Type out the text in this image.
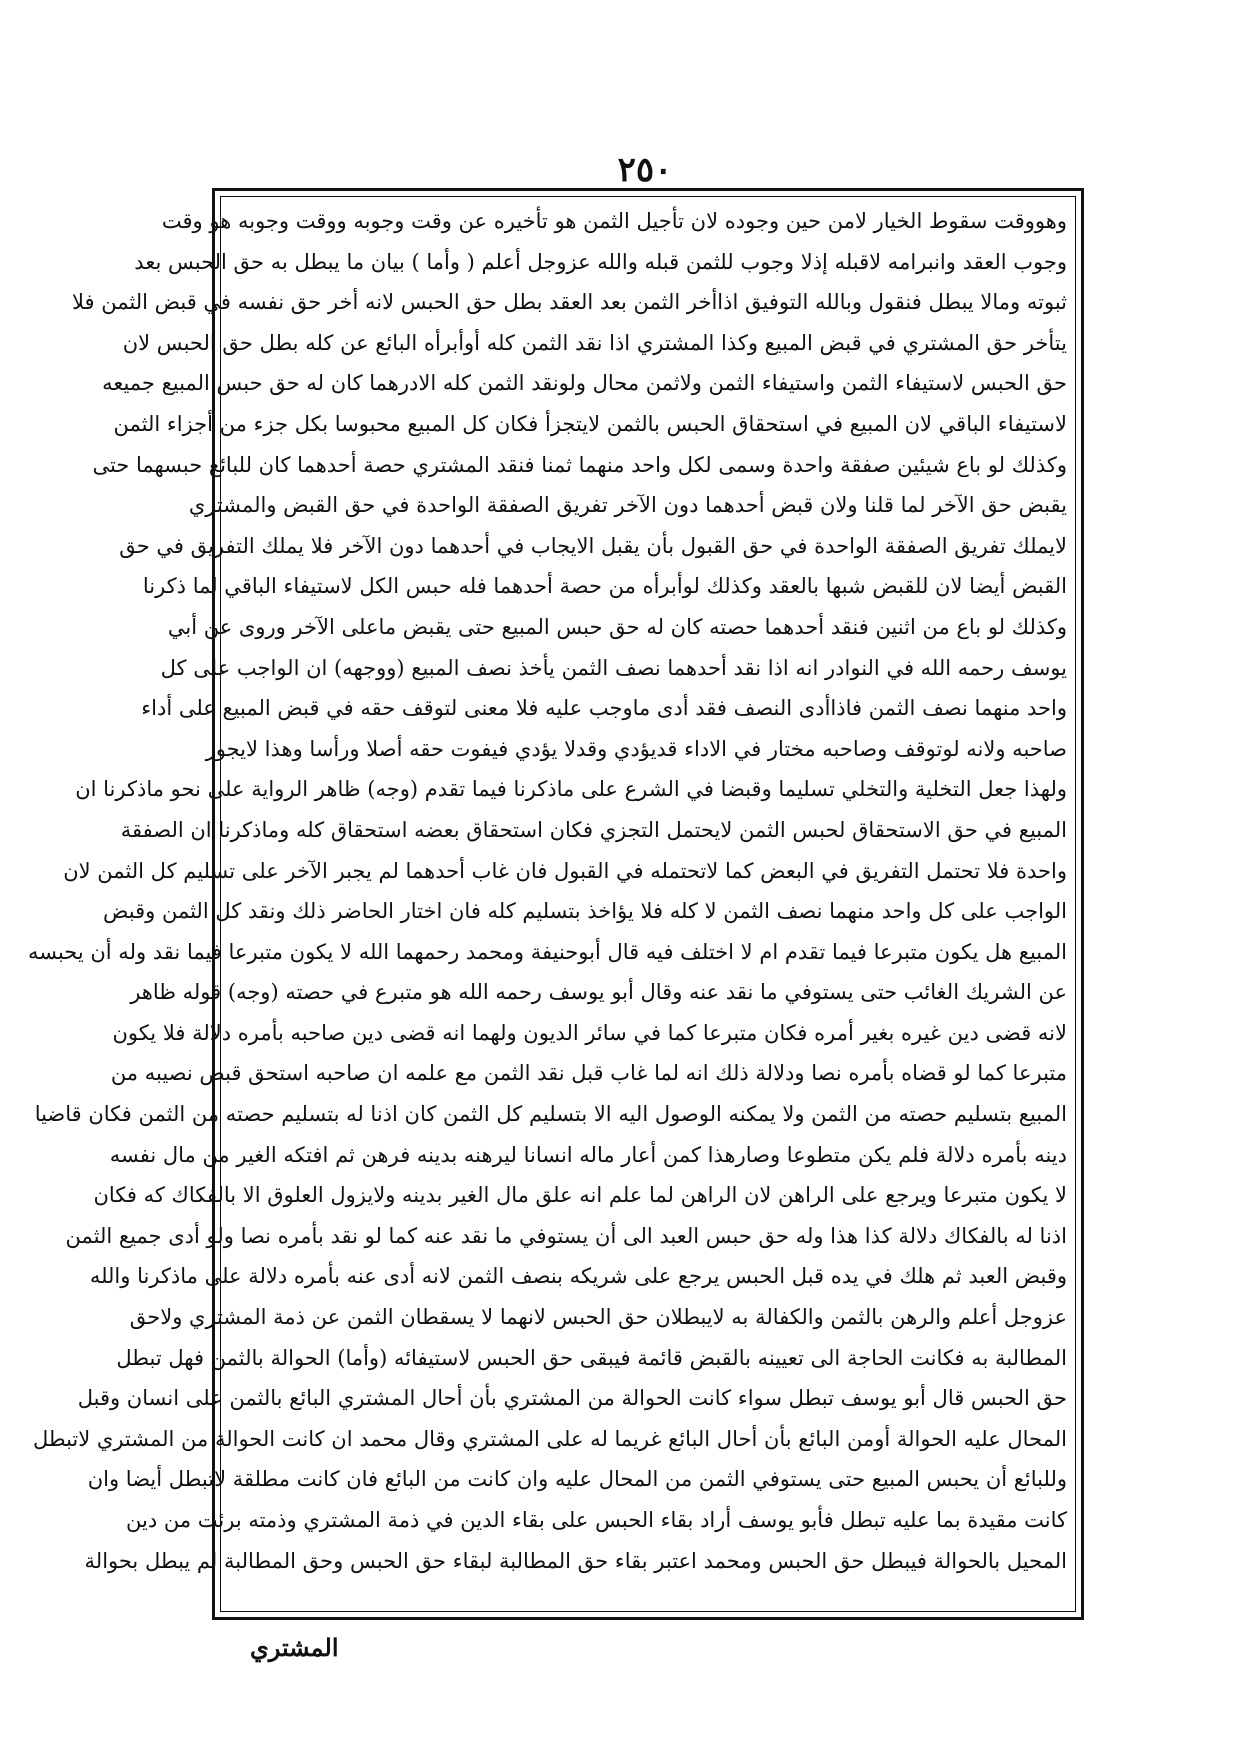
٢٥٠
وهووقت سقوط الخيار لامن حين وجوده لان تأجيل الثمن هو تأخيره عن وقت وجوبه ووقت وجوبه هو وقت
وجوب العقد وانبرامه لاقبله إذلا وجوب للثمن قبله والله عزوجل أعلم ( وأما ) بيان ما يبطل به حق الحبس بعد
ثبوته ومالا يبطل فنقول وبالله التوفيق اذاأخر الثمن بعد العقد بطل حق الحبس لانه أخر حق نفسه في قبض الثمن فلا
يتأخر حق المشتري في قبض المبيع وكذا المشتري اذا نقد الثمن كله أوأبرأه البائع عن كله بطل حق الحبس لان
حق الحبس لاستيفاء الثمن واستيفاء الثمن ولاثمن محال ولونقد الثمن كله الادرهما كان له حق حبس المبيع جميعه
لاستيفاء الباقي لان المبيع في استحقاق الحبس بالثمن لايتجزأ فكان كل المبيع محبوسا بكل جزء من أجزاء الثمن
وكذلك لو باع شيئين صفقة واحدة وسمى لكل واحد منهما ثمنا فنقد المشتري حصة أحدهما كان للبائع حبسهما حتى
يقبض حق الآخر لما قلنا ولان قبض أحدهما دون الآخر تفريق الصفقة الواحدة في حق القبض والمشتري
لايملك تفريق الصفقة الواحدة في حق القبول بأن يقبل الايجاب في أحدهما دون الآخر فلا يملك التفريق في حق
القبض أيضا لان للقبض شبها بالعقد وكذلك لوأبرأه من حصة أحدهما فله حبس الكل لاستيفاء الباقي لما ذكرنا
وكذلك لو باع من اثنين فنقد أحدهما حصته كان له حق حبس المبيع حتى يقبض ماعلى الآخر وروى عن أبي
يوسف رحمه الله في النوادر انه اذا نقد أحدهما نصف الثمن يأخذ نصف المبيع (ووجهه) ان الواجب على كل
واحد منهما نصف الثمن فاذاأدى النصف فقد أدى ماوجب عليه فلا معنى لتوقف حقه في قبض المبيع على أداء
صاحبه ولانه لوتوقف وصاحبه مختار في الاداء قديؤدي وقدلا يؤدي فيفوت حقه أصلا ورأسا وهذا لايجوز
ولهذا جعل التخلية والتخلي تسليما وقبضا في الشرع على ماذكرنا فيما تقدم (وجه) ظاهر الرواية على نحو ماذكرنا ان
المبيع في حق الاستحقاق لحبس الثمن لايحتمل التجزي فكان استحقاق بعضه استحقاق كله وماذكرنا ان الصفقة
واحدة فلا تحتمل التفريق في البعض كما لاتحتمله في القبول فان غاب أحدهما لم يجبر الآخر على تسليم كل الثمن لان
الواجب على كل واحد منهما نصف الثمن لا كله فلا يؤاخذ بتسليم كله فان اختار الحاضر ذلك ونقد كل الثمن وقبض
المبيع هل يكون متبرعا فيما تقدم ام لا اختلف فيه قال أبوحنيفة ومحمد رحمهما الله لا يكون متبرعا فيما نقد وله أن يحبسه
عن الشريك الغائب حتى يستوفي ما نقد عنه وقال أبو يوسف رحمه الله هو متبرع في حصته (وجه) قوله ظاهر
لانه قضى دين غيره بغير أمره فكان متبرعا كما في سائر الديون ولهما انه قضى دين صاحبه بأمره دلالة فلا يكون
متبرعا كما لو قضاه بأمره نصا ودلالة ذلك انه لما غاب قبل نقد الثمن مع علمه ان صاحبه استحق قبض نصيبه من
المبيع بتسليم حصته من الثمن ولا يمكنه الوصول اليه الا بتسليم كل الثمن كان اذنا له بتسليم حصته من الثمن فكان قاضيا
دينه بأمره دلالة فلم يكن متطوعا وصارهذا كمن أعار ماله انسانا ليرهنه بدينه فرهن ثم افتكه الغير من مال نفسه
لا يكون متبرعا ويرجع على الراهن لان الراهن لما علم انه علق مال الغير بدينه ولايزول العلوق الا بالفكاك كه فكان
اذنا له بالفكاك دلالة كذا هذا وله حق حبس العبد الى أن يستوفي ما نقد عنه كما لو نقد بأمره نصا ولو أدى جميع الثمن
وقبض العبد ثم هلك في يده قبل الحبس يرجع على شريكه بنصف الثمن لانه أدى عنه بأمره دلالة على ماذكرنا والله
عزوجل أعلم والرهن بالثمن والكفالة به لايبطلان حق الحبس لانهما لا يسقطان الثمن عن ذمة المشتري ولاحق
المطالبة به فكانت الحاجة الى تعيينه بالقبض قائمة فيبقى حق الحبس لاستيفائه (وأما) الحوالة بالثمن فهل تبطل
حق الحبس قال أبو يوسف تبطل سواء كانت الحوالة من المشتري بأن أحال المشتري البائع بالثمن على انسان وقبل
المحال عليه الحوالة أومن البائع بأن أحال البائع غريما له على المشتري وقال محمد ان كانت الحوالة من المشتري لاتبطل
وللبائع أن يحبس المبيع حتى يستوفي الثمن من المحال عليه وان كانت من البائع فان كانت مطلقة لاتبطل أيضا وان
كانت مقيدة بما عليه تبطل فأبو يوسف أراد بقاء الحبس على بقاء الدين في ذمة المشتري وذمته برئت من دين
المحيل بالحوالة فيبطل حق الحبس ومحمد اعتبر بقاء حق المطالبة لبقاء حق الحبس وحق المطالبة لم يبطل بحوالة
المشتري
